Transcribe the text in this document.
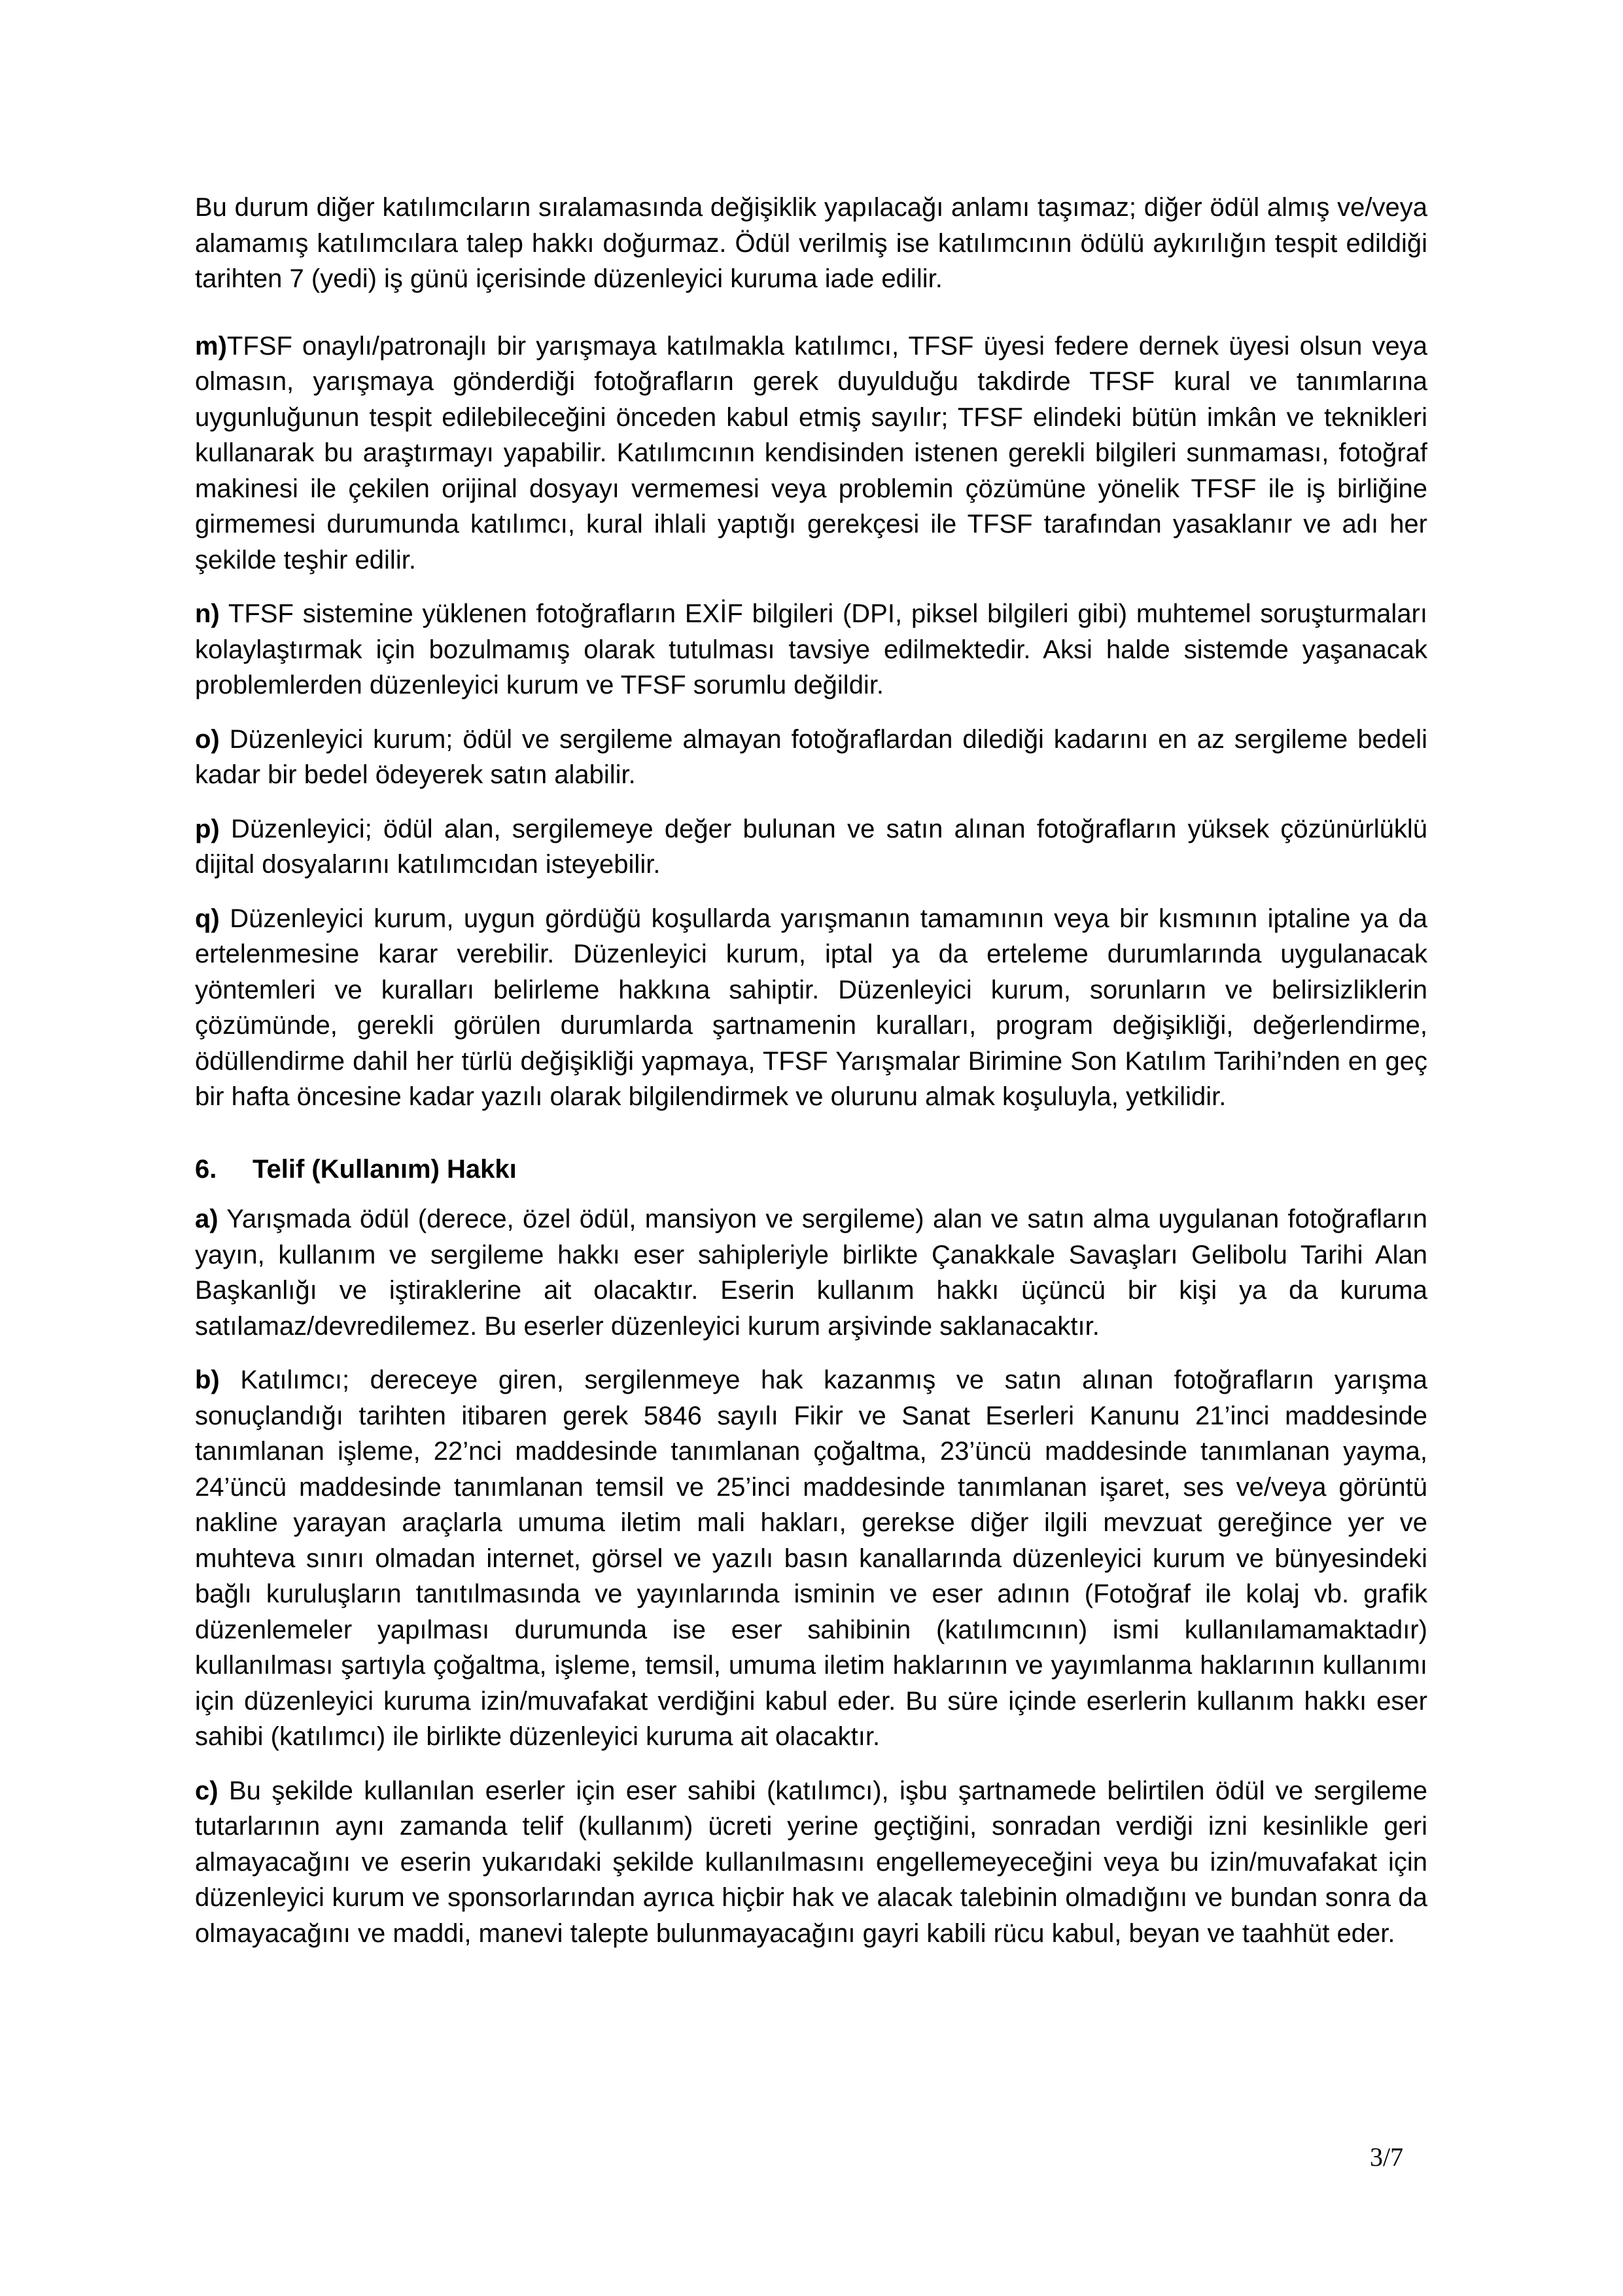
Bu durum diğer katılımcıların sıralamasında değişiklik yapılacağı anlamı taşımaz; diğer ödül almış ve/veya alamamış katılımcılara talep hakkı doğurmaz. Ödül verilmiş ise katılımcının ödülü aykırılığın tespit edildiği tarihten 7 (yedi) iş günü içerisinde düzenleyici kuruma iade edilir.

m)TFSF onaylı/patronajlı bir yarışmaya katılmakla katılımcı, TFSF üyesi federe dernek üyesi olsun veya olmasın, yarışmaya gönderdiği fotoğrafların gerek duyulduğu takdirde TFSF kural ve tanımlarına uygunluğunun tespit edilebileceğini önceden kabul etmiş sayılır; TFSF elindeki bütün imkân ve teknikleri kullanarak bu araştırmayı yapabilir. Katılımcının kendisinden istenen gerekli bilgileri sunmaması, fotoğraf makinesi ile çekilen orijinal dosyayı vermemesi veya problemin çözümüne yönelik TFSF ile iş birliğine girmemesi durumunda katılımcı, kural ihlali yaptığı gerekçesi ile TFSF tarafından yasaklanır ve adı her şekilde teşhir edilir.

n) TFSF sistemine yüklenen fotoğrafların EXİF bilgileri (DPI, piksel bilgileri gibi) muhtemel soruşturmaları kolaylaştırmak için bozulmamış olarak tutulması tavsiye edilmektedir. Aksi halde sistemde yaşanacak problemlerden düzenleyici kurum ve TFSF sorumlu değildir.

o) Düzenleyici kurum; ödül ve sergileme almayan fotoğraflardan dilediği kadarını en az sergileme bedeli kadar bir bedel ödeyerek satın alabilir.

p) Düzenleyici; ödül alan, sergilemeye değer bulunan ve satın alınan fotoğrafların yüksek çözünürlüklü dijital dosyalarını katılımcıdan isteyebilir.

q) Düzenleyici kurum, uygun gördüğü koşullarda yarışmanın tamamının veya bir kısmının iptaline ya da ertelenmesine karar verebilir. Düzenleyici kurum, iptal ya da erteleme durumlarında uygulanacak yöntemleri ve kuralları belirleme hakkına sahiptir. Düzenleyici kurum, sorunların ve belirsizliklerin çözümünde, gerekli görülen durumlarda şartnamenin kuralları, program değişikliği, değerlendirme, ödüllendirme dahil her türlü değişikliği yapmaya, TFSF Yarışmalar Birimine Son Katılım Tarihi’nden en geç bir hafta öncesine kadar yazılı olarak bilgilendirmek ve olurunu almak koşuluyla, yetkilidir.

6. Telif (Kullanım) Hakkı

a) Yarışmada ödül (derece, özel ödül, mansiyon ve sergileme) alan ve satın alma uygulanan fotoğrafların yayın, kullanım ve sergileme hakkı eser sahipleriyle birlikte Çanakkale Savaşları Gelibolu Tarihi Alan Başkanlığı ve iştiraklerine ait olacaktır. Eserin kullanım hakkı üçüncü bir kişi ya da kuruma satılamaz/devredilemez. Bu eserler düzenleyici kurum arşivinde saklanacaktır.

b) Katılımcı; dereceye giren, sergilenmeye hak kazanmış ve satın alınan fotoğrafların yarışma sonuçlandığı tarihten itibaren gerek 5846 sayılı Fikir ve Sanat Eserleri Kanunu 21’inci maddesinde tanımlanan işleme, 22’nci maddesinde tanımlanan çoğaltma, 23’üncü maddesinde tanımlanan yayma, 24’üncü maddesinde tanımlanan temsil ve 25’inci maddesinde tanımlanan işaret, ses ve/veya görüntü nakline yarayan araçlarla umuma iletim mali hakları, gerekse diğer ilgili mevzuat gereğince yer ve muhteva sınırı olmadan internet, görsel ve yazılı basın kanallarında düzenleyici kurum ve bünyesindeki bağlı kuruluşların tanıtılmasında ve yayınlarında isminin ve eser adının (Fotoğraf ile kolaj vb. grafik düzenlemeler yapılması durumunda ise eser sahibinin (katılımcının) ismi kullanılamamaktadır) kullanılması şartıyla çoğaltma, işleme, temsil, umuma iletim haklarının ve yayımlanma haklarının kullanımı için düzenleyici kuruma izin/muvafakat verdiğini kabul eder. Bu süre içinde eserlerin kullanım hakkı eser sahibi (katılımcı) ile birlikte düzenleyici kuruma ait olacaktır.

c) Bu şekilde kullanılan eserler için eser sahibi (katılımcı), işbu şartnamede belirtilen ödül ve sergileme tutarlarının aynı zamanda telif (kullanım) ücreti yerine geçtiğini, sonradan verdiği izni kesinlikle geri almayacağını ve eserin yukarıdaki şekilde kullanılmasını engellemeyeceğini veya bu izin/muvafakat için düzenleyici kurum ve sponsorlarından ayrıca hiçbir hak ve alacak talebinin olmadığını ve bundan sonra da olmayacağını ve maddi, manevi talepte bulunmayacağını gayri kabili rücu kabul, beyan ve taahhüt eder.

3/7
